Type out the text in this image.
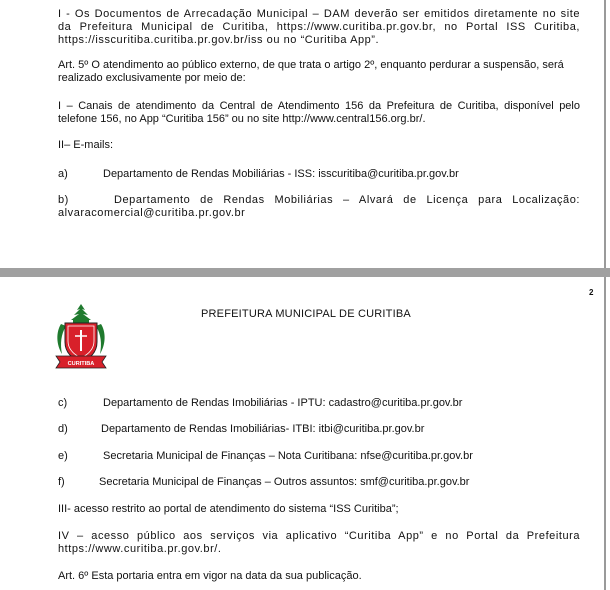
I - Os Documentos de Arrecadação Municipal – DAM deverão ser emitidos diretamente no site da Prefeitura Municipal de Curitiba, https://www.curitiba.pr.gov.br, no Portal ISS Curitiba, https://isscuritiba.curitiba.pr.gov.br/iss ou no “Curitiba App”.

Art. 5º O atendimento ao público externo, de que trata o artigo 2º, enquanto perdurar a suspensão, será realizado exclusivamente por meio de:

I – Canais de atendimento da Central de Atendimento 156 da Prefeitura de Curitiba, disponível pelo telefone 156, no App “Curitiba 156” ou no site http://www.central156.org.br/.

II– E-mails:

a)	Departamento de Rendas Mobiliárias - ISS: isscuritiba@curitiba.pr.gov.br

b)	Departamento de Rendas Mobiliárias – Alvará de Licença para Localização: alvaracomercial@curitiba.pr.gov.br

2
CURITIBA
PREFEITURA MUNICIPAL DE CURITIBA

c)	Departamento de Rendas Imobiliárias - IPTU: cadastro@curitiba.pr.gov.br

d)	Departamento de Rendas Imobiliárias- ITBI: itbi@curitiba.pr.gov.br

e)	Secretaria Municipal de Finanças – Nota Curitibana: nfse@curitiba.pr.gov.br

f)	Secretaria Municipal de Finanças – Outros assuntos: smf@curitiba.pr.gov.br

III- acesso restrito ao portal de atendimento do sistema “ISS Curitiba”;

IV – acesso público aos serviços via aplicativo “Curitiba App” e no Portal da Prefeitura https://www.curitiba.pr.gov.br/.

Art. 6º Esta portaria entra em vigor na data da sua publicação.
